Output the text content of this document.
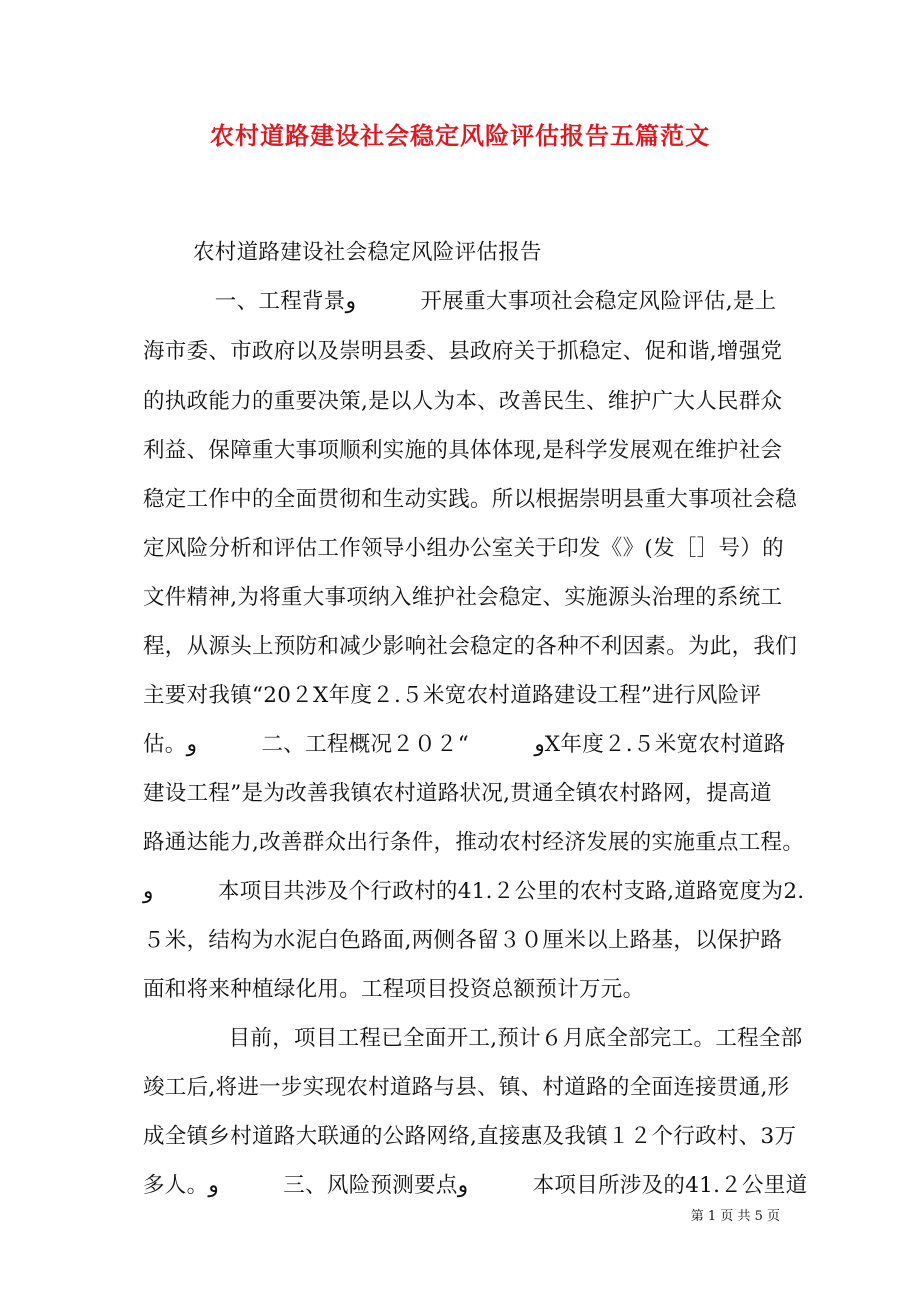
农村道路建设社会稳定风险评估报告五篇范文
农村道路建设社会稳定风险评估报告
　一、工程背景و　　　开展重大事项社会稳定风险评估,是上
海市委、市政府以及崇明县委、县政府关于抓稳定、促和谐,增强党
的执政能力的重要决策,是以人为本、改善民生、维护广大人民群众
利益、保障重大事项顺利实施的具体体现,是科学发展观在维护社会
稳定工作中的全面贯彻和生动实践。所以根据崇明县重大事项社会稳
定风险分析和评估工作领导小组办公室关于印发《》(发［］号）的
文件精神,为将重大事项纳入维护社会稳定、实施源头治理的系统工
程，从源头上预防和减少影响社会稳定的各种不利因素。为此，我们
主要对我镇“20２X年度２.５米宽农村道路建设工程”进行风险评
估。و　　　二、工程概况２０２“　　　وX年度２.５米宽农村道路
建设工程”是为改善我镇农村道路状况,贯通全镇农村路网，提高道
路通达能力,改善群众出行条件，推动农村经济发展的实施重点工程。
و　　　本项目共涉及个行政村的41.２公里的农村支路,道路宽度为2.
５米，结构为水泥白色路面,两侧各留３０厘米以上路基，以保护路
面和将来种植绿化用。工程项目投资总额预计万元。
　　目前，项目工程已全面开工,预计６月底全部完工。工程全部
竣工后,将进一步实现农村道路与县、镇、村道路的全面连接贯通,形
成全镇乡村道路大联通的公路网络,直接惠及我镇１２个行政村、3万
多人。و　　　三、风险预测要点و　　　本项目所涉及的41.２公里道
第 1 页 共 5 页
